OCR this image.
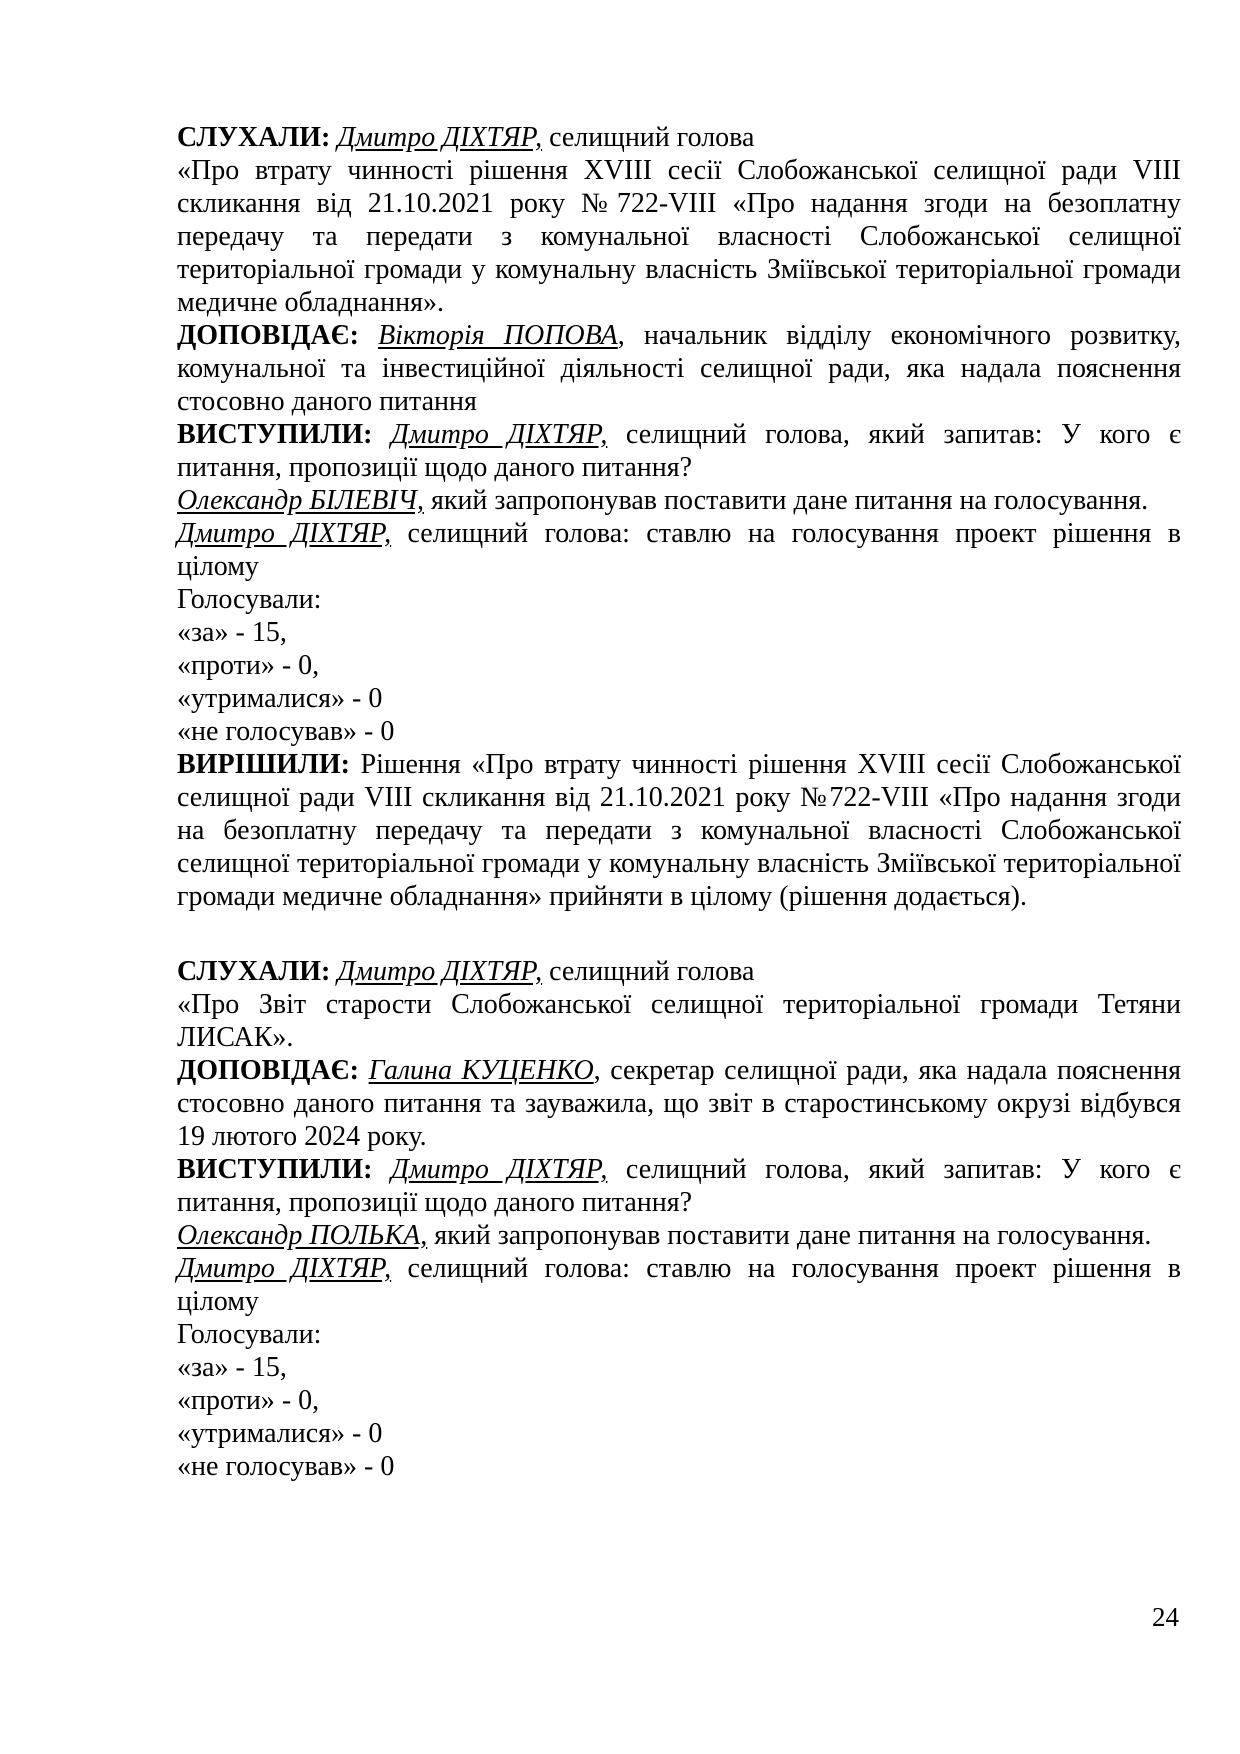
СЛУХАЛИ: Дмитро ДІХТЯР, селищний голова

«Про втрату чинності рішення XVIII сесії Слобожанської селищної ради VIII скликання від 21.10.2021 року №722-VIII «Про надання згоди на безоплатну передачу та передати з комунальної власності Слобожанської селищної територіальної громади у комунальну власність Зміївської територіальної громади медичне обладнання».

ДОПОВІДАЄ: Вікторія ПОПОВА, начальник відділу економічного розвитку, комунальної та інвестиційної діяльності селищної ради, яка надала пояснення стосовно даного питання

ВИСТУПИЛИ: Дмитро ДІХТЯР, селищний голова, який запитав: У кого є питання, пропозиції щодо даного питання?

Олександр БІЛЕВІЧ, який запропонував поставити дане питання на голосування.

Дмитро ДІХТЯР, селищний голова: ставлю на голосування проект рішення в цілому

Голосували:

«за» - 15,

«проти» - 0,

«утрималися» - 0

«не голосував» - 0

ВИРІШИЛИ: Рішення «Про втрату чинності рішення XVIII сесії Слобожанської селищної ради VIII скликання від 21.10.2021 року №722-VIII «Про надання згоди на безоплатну передачу та передати з комунальної власності Слобожанської селищної територіальної громади у комунальну власність Зміївської територіальної громади медичне обладнання» прийняти в цілому (рішення додається).

СЛУХАЛИ: Дмитро ДІХТЯР, селищний голова

«Про Звіт старости Слобожанської селищної територіальної громади Тетяни ЛИСАК».

ДОПОВІДАЄ: Галина КУЦЕНКО, секретар селищної ради, яка надала пояснення стосовно даного питання та зауважила, що звіт в старостинському окрузі відбувся 19 лютого 2024 року.

ВИСТУПИЛИ: Дмитро ДІХТЯР, селищний голова, який запитав: У кого є питання, пропозиції щодо даного питання?

Олександр ПОЛЬКА, який запропонував поставити дане питання на голосування.

Дмитро ДІХТЯР, селищний голова: ставлю на голосування проект рішення в цілому

Голосували:

«за» - 15,

«проти» - 0,

«утрималися» - 0

«не голосував» - 0

24
